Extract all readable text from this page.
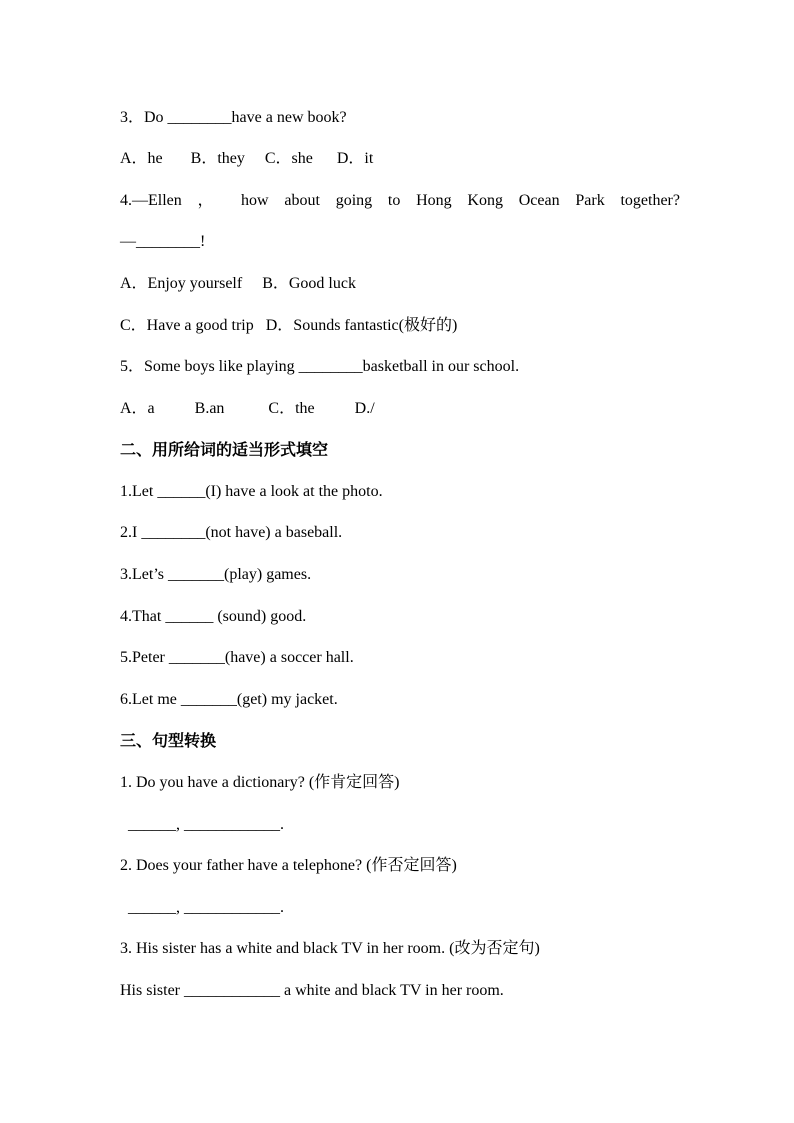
3．Do ________have a new book?
A．he       B．they     C．she      D．it
4.—Ellen ， how about going to Hong Kong Ocean Park together?
—________!
A．Enjoy yourself     B．Good luck
C．Have a good trip   D．Sounds fantastic(极好的)
5．Some boys like playing ________basketball in our school.
A．a          B.an           C．the          D./
二、用所给词的适当形式填空
1.Let ______(I) have a look at the photo.
2.I ________(not have) a baseball.
3.Let’s _______(play) games.
4.That ______ (sound) good.
5.Peter _______(have) a soccer hall.
6.Let me _______(get) my jacket.
三、句型转换
1. Do you have a dictionary? (作肯定回答)
______, ____________.
2. Does your father have a telephone? (作否定回答)
______, ____________.
3. His sister has a white and black TV in her room. (改为否定句)
His sister ____________ a white and black TV in her room.
